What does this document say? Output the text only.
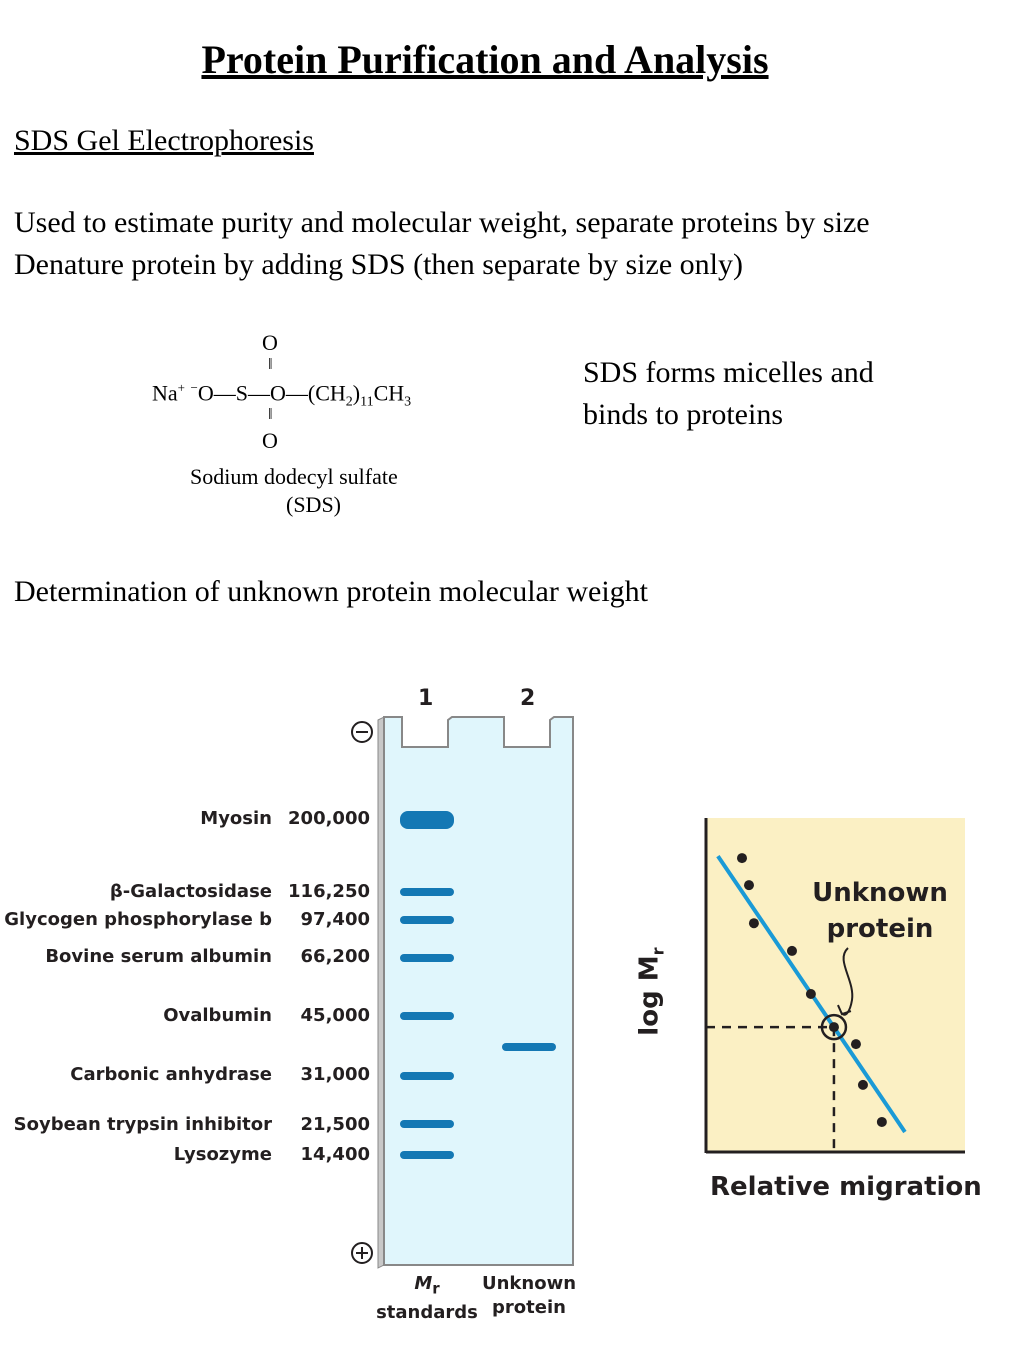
Protein Purification and Analysis
SDS Gel Electrophoresis
Used to estimate purity and molecular weight, separate proteins by size
Denature protein by adding SDS (then separate by size only)
O
‖
Na+ $^-O—S—O—(CH_2)_{11}CH_3$
‖
O
Sodium dodecyl sulfate
(SDS)
SDS forms micelles and
binds to proteins
Determination of unknown protein molecular weight
1	2
Myosin 200,000
β-Galactosidase 116,250
Glycogen phosphorylase b 97,400
Bovine serum albumin 66,200
Ovalbumin 45,000
Carbonic anhydrase 31,000
Soybean trypsin inhibitor 21,500
Lysozyme 14,400
$M_r$
standards
Unknown
protein
Unknown
protein
Relative migration
$\log M_r$
